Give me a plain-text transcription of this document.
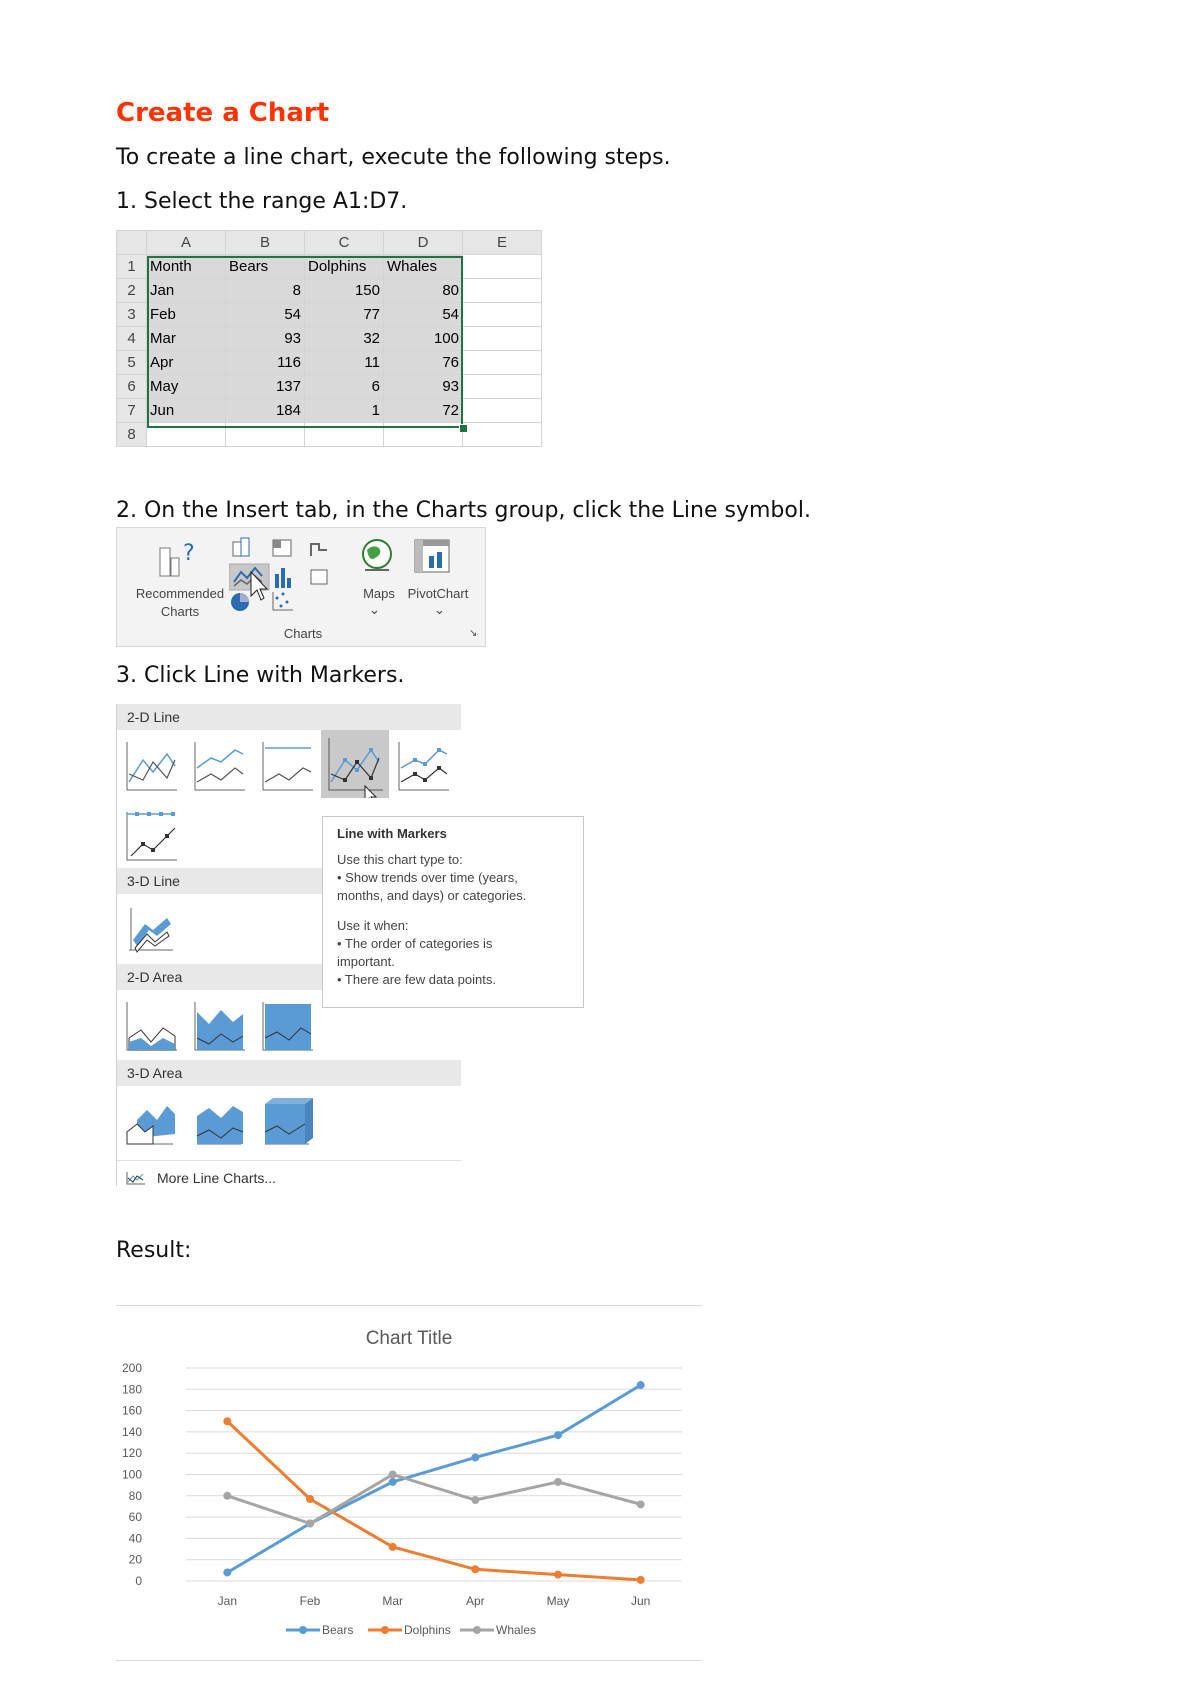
Create a Chart
To create a line chart, execute the following steps.
1. Select the range A1:D7.
2. On the Insert tab, in the Charts group, click the Line symbol.
3. Click Line with Markers.
Result:
	A	B	C	D	E
1	Month	Bears	Dolphins	Whales	
2	Jan	8	150	80	
3	Feb	54	77	54	
4	Mar	93	32	100	
5	Apr	116	11	76	
6	May	137	6	93	
7	Jun	184	1	72	
8					
?
Recommended
Charts
Maps
⌄
PivotChart
⌄
Charts	↘
2-D Line
3-D Line
2-D Area
3-D Area
More Line Charts...
Line with Markers
Use this chart type to:
• Show trends over time (years,
months, and days) or categories.
Use it when:
• The order of categories is
important.
• There are few data points.
Chart Title
0
20
40
60
80
100
120
140
160
180
200
Jan	Feb	Mar	Apr	May	Jun
Bears	Dolphins	Whales
